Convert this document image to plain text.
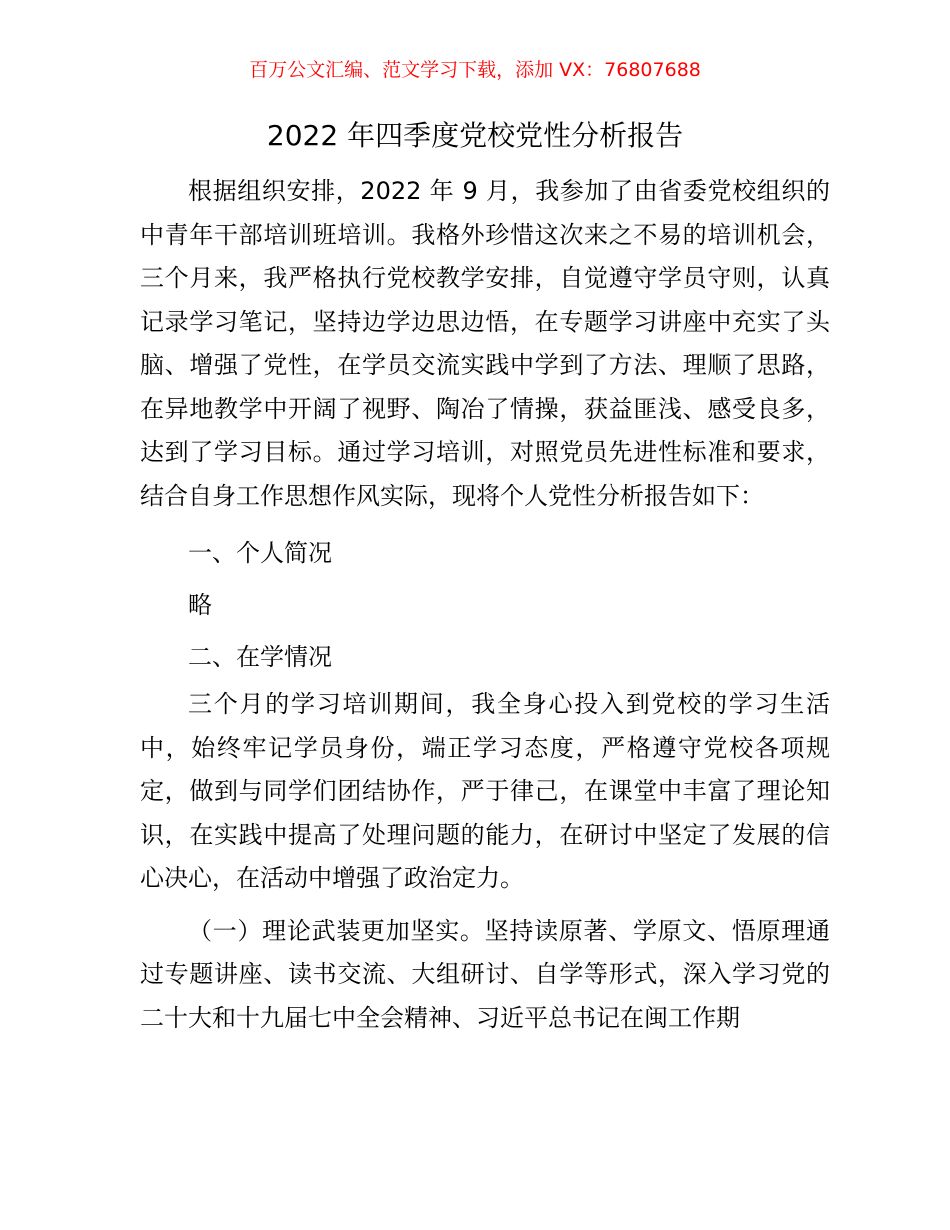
百万公文汇编、范文学习下载，添加 VX：76807688
2022 年四季度党校党性分析报告

根据组织安排，2022 年 9 月，我参加了由省委党校组织的中青年干部培训班培训。我格外珍惜这次来之不易的培训机会，三个月来，我严格执行党校教学安排，自觉遵守学员守则，认真记录学习笔记，坚持边学边思边悟，在专题学习讲座中充实了头脑、增强了党性，在学员交流实践中学到了方法、理顺了思路，在异地教学中开阔了视野、陶冶了情操，获益匪浅、感受良多，达到了学习目标。通过学习培训，对照党员先进性标准和要求，结合自身工作思想作风实际，现将个人党性分析报告如下：

一、个人简况

略

二、在学情况

三个月的学习培训期间，我全身心投入到党校的学习生活中，始终牢记学员身份，端正学习态度，严格遵守党校各项规定，做到与同学们团结协作，严于律己，在课堂中丰富了理论知识，在实践中提高了处理问题的能力，在研讨中坚定了发展的信心决心，在活动中增强了政治定力。

（一）理论武装更加坚实。坚持读原著、学原文、悟原理通过专题讲座、读书交流、大组研讨、自学等形式，深入学习党的二十大和十九届七中全会精神、习近平总书记在闽工作期
